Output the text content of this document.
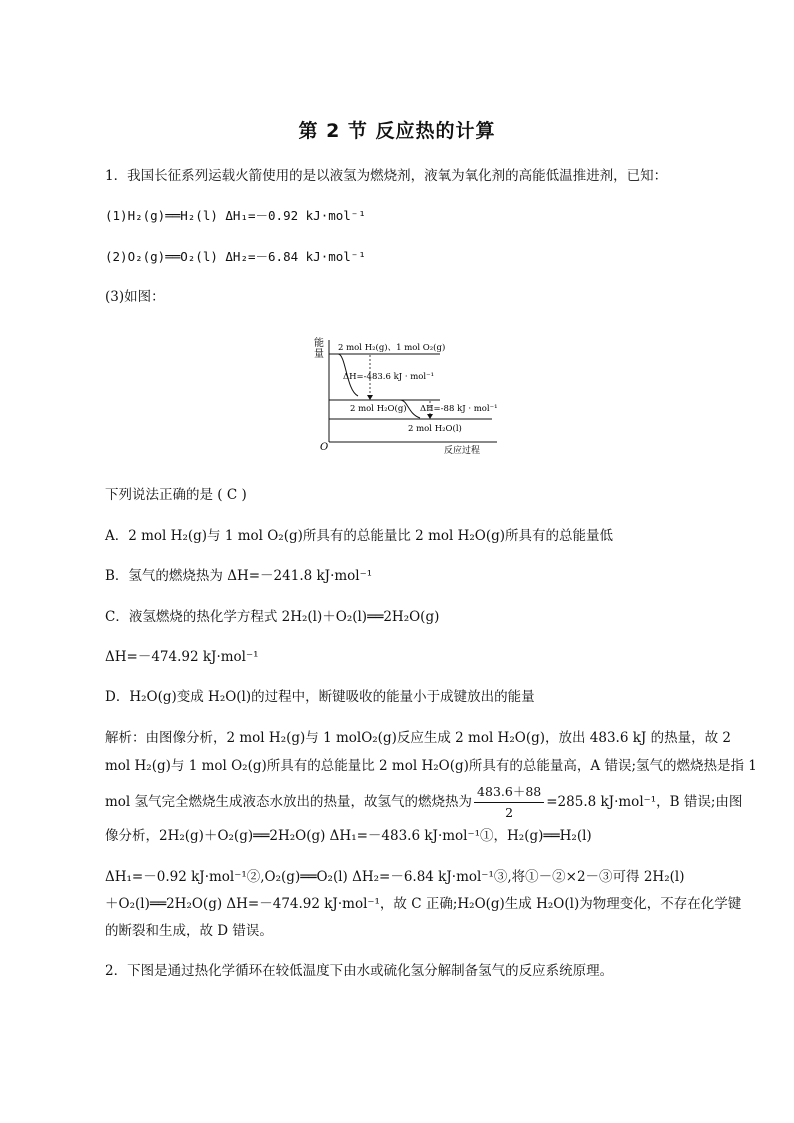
第 2 节 反应热的计算
1．我国长征系列运载火箭使用的是以液氢为燃烧剂，液氧为氧化剂的高能低温推进剂，已知：
(1)H₂(g)══H₂(l) ΔH₁=－0.92 kJ·mol⁻¹
(2)O₂(g)══O₂(l) ΔH₂=－6.84 kJ·mol⁻¹
(3)如图：
能
量
O	反应过程
2 mol H₂(g)、1 mol O₂(g)
ΔH=-483.6 kJ · mol⁻¹
2 mol H₂O(g) ΔH=-88 kJ · mol⁻¹
2 mol H₂O(l)
下列说法正确的是 ( C )
A．2 mol H₂(g)与 1 mol O₂(g)所具有的总能量比 2 mol H₂O(g)所具有的总能量低
B．氢气的燃烧热为 ΔH=－241.8 kJ·mol⁻¹
C．液氢燃烧的热化学方程式 2H₂(l)＋O₂(l)══2H₂O(g)
ΔH=－474.92 kJ·mol⁻¹
D．H₂O(g)变成 H₂O(l)的过程中，断键吸收的能量小于成键放出的能量
解析：由图像分析，2 mol H₂(g)与 1 molO₂(g)反应生成 2 mol H₂O(g)，放出 483.6 kJ 的热量，故 2
mol H₂(g)与 1 mol O₂(g)所具有的总能量比 2 mol H₂O(g)所具有的总能量高，A 错误;氢气的燃烧热是指 1
mol 氢气完全燃烧生成液态水放出的热量，故氢气的燃烧热为 $\frac{483.6+88}{2} =285.8$ kJ·mol⁻¹，B 错误;由图
像分析，2H₂(g)＋O₂(g)══2H₂O(g) ΔH₁=－483.6 kJ·mol⁻¹①，H₂(g)══H₂(l)
ΔH₁=－0.92 kJ·mol⁻¹②,O₂(g)══O₂(l) ΔH₂=－6.84 kJ·mol⁻¹③,将①－②×2－③可得 2H₂(l)
＋O₂(l)══2H₂O(g) ΔH=－474.92 kJ·mol⁻¹，故 C 正确;H₂O(g)生成 H₂O(l)为物理变化，不存在化学键
的断裂和生成，故 D 错误。
2．下图是通过热化学循环在较低温度下由水或硫化氢分解制备氢气的反应系统原理。
